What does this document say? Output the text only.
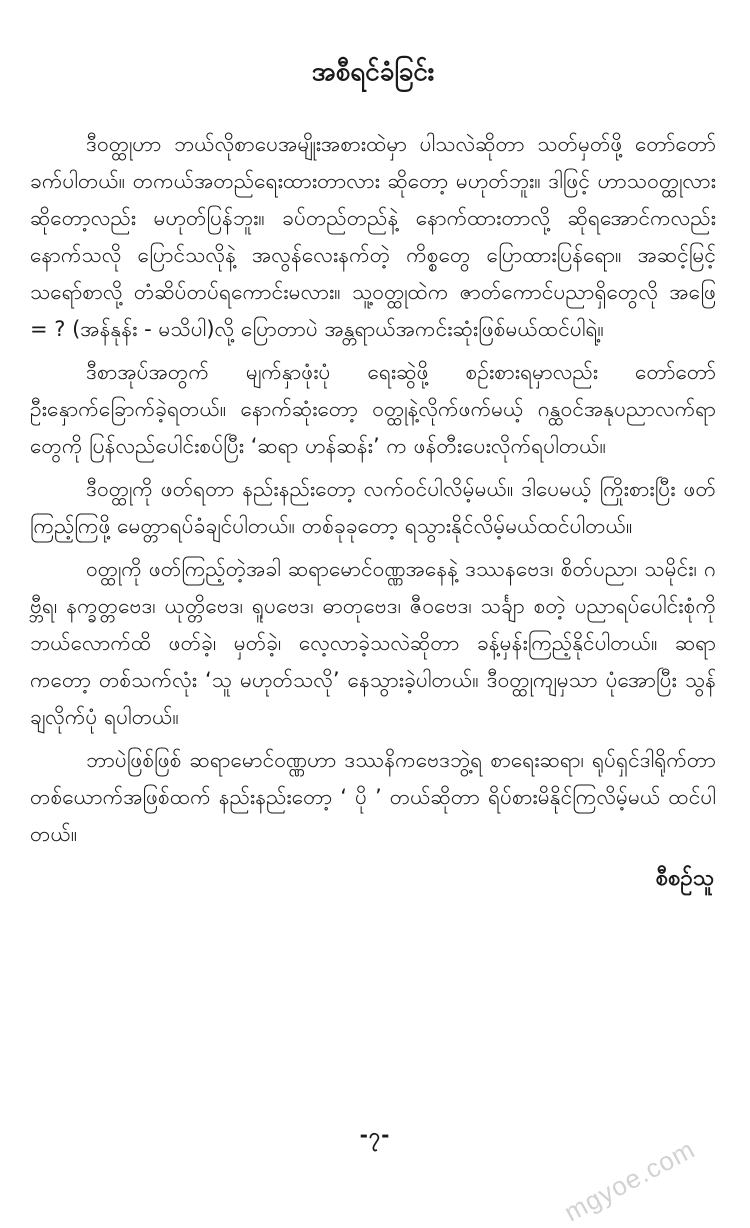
အစီရင်ခံခြင်း

ဒီဝတ္ထုဟာ ဘယ်လိုစာပေအမျိုးအစားထဲမှာ ပါသလဲဆိုတာ သတ်မှတ်ဖို့ တော်တော်ခက်ပါတယ်။ တကယ်အတည်ရေးထားတာလား ဆိုတော့ မဟုတ်ဘူး။ ဒါဖြင့် ဟာသဝတ္ထုလား ဆိုတော့လည်း မဟုတ်ပြန်ဘူး။ ခပ်တည်တည်နဲ့ နောက်ထားတာလို့ ဆိုရအောင်ကလည်း နောက်သလို ပြောင်သလိုနဲ့ အလွန်လေးနက်တဲ့ ကိစ္စတွေ ပြောထားပြန်ရော။ အဆင့်မြင့်သရော်စာလို့ တံဆိပ်တပ်ရကောင်းမလား။ သူ့ဝတ္ထုထဲက ဇာတ်ကောင်ပညာရှိတွေလို အဖြေ = ? (အန်နုန်း - မသိပါ)လို့ ပြောတာပဲ အန္တရာယ်အကင်းဆုံးဖြစ်မယ်ထင်ပါရဲ့။

ဒီစာအုပ်အတွက် မျက်နှာဖုံးပုံ ရေးဆွဲဖို့ စဉ်းစားရမှာလည်း တော်တော် ဦးနှောက်ခြောက်ခဲ့ရတယ်။ နောက်ဆုံးတော့ ဝတ္ထုနဲ့လိုက်ဖက်မယ့် ဂန္ထဝင်အနုပညာလက်ရာတွေကို ပြန်လည်ပေါင်းစပ်ပြီး ‘ဆရာ ဟန်ဆန်း’ က ဖန်တီးပေးလိုက်ရပါတယ်။

ဒီဝတ္ထုကို ဖတ်ရတာ နည်းနည်းတော့ လက်ဝင်ပါလိမ့်မယ်။ ဒါပေမယ့် ကြိုးစားပြီး ဖတ်ကြည့်ကြဖို့ မေတ္တာရပ်ခံချင်ပါတယ်။ တစ်ခုခုတော့ ရသွားနိုင်လိမ့်မယ်ထင်ပါတယ်။

ဝတ္ထုကို ဖတ်ကြည့်တဲ့အခါ ဆရာမောင်ဝဏ္ဏအနေနဲ့ ဒဿနဗေဒ၊ စိတ်ပညာ၊ သမိုင်း၊ ဂဗ္ဘီရ၊ နက္ခတ္တဗေဒ၊ ယုတ္တိဗေဒ၊ ရူပဗေဒ၊ ဓာတုဗေဒ၊ ဇီဝဗေဒ၊ သင်္ချာ စတဲ့ ပညာရပ်ပေါင်းစုံကို ဘယ်လောက်ထိ ဖတ်ခဲ့၊ မှတ်ခဲ့၊ လေ့လာခဲ့သလဲဆိုတာ ခန့်မှန်းကြည့်နိုင်ပါတယ်။ ဆရာကတော့ တစ်သက်လုံး ‘သူ မဟုတ်သလို’ နေသွားခဲ့ပါတယ်။ ဒီဝတ္ထုကျမှသာ ပုံအောပြီး သွန်ချလိုက်ပုံ ရပါတယ်။

ဘာပဲဖြစ်ဖြစ် ဆရာမောင်ဝဏ္ဏဟာ ဒဿနိကဗေဒဘွဲ့ရ စာရေးဆရာ၊ ရုပ်ရှင်ဒါရိုက်တာတစ်ယောက်အဖြစ်ထက် နည်းနည်းတော့ ‘ ပို ’ တယ်ဆိုတာ ရိပ်စားမိနိုင်ကြလိမ့်မယ် ထင်ပါတယ်။

စီစဉ်သူ
-၇-	mgyoe.com
